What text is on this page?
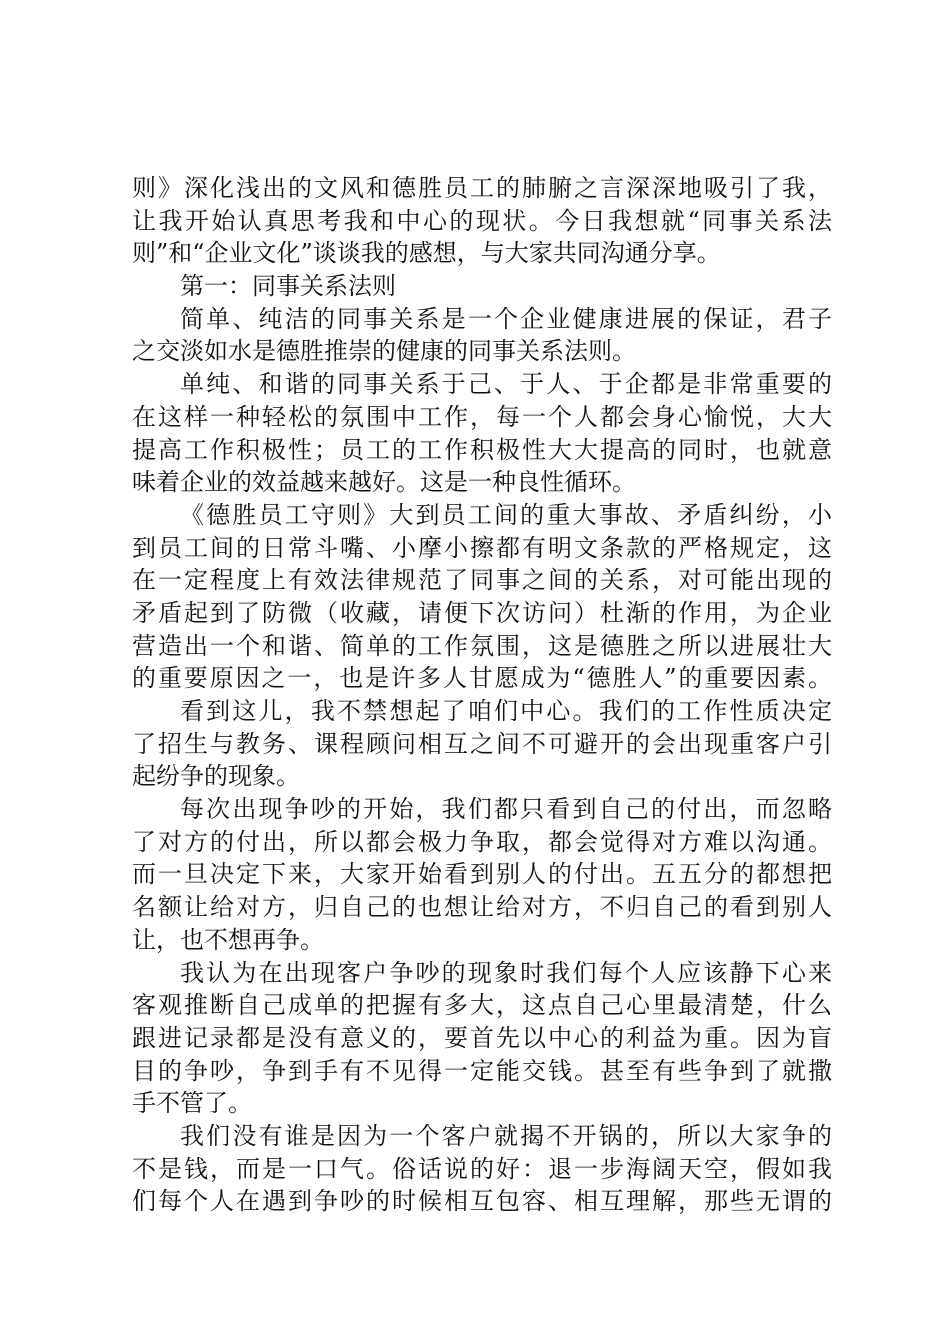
则》深化浅出的文风和德胜员工的肺腑之言深深地吸引了我，
让我开始认真思考我和中心的现状。今日我想就“同事关系法
则”和“企业文化”谈谈我的感想，与大家共同沟通分享。
第一：同事关系法则
简单、纯洁的同事关系是一个企业健康进展的保证，君子
之交淡如水是德胜推崇的健康的同事关系法则。
单纯、和谐的同事关系于己、于人、于企都是非常重要的
在这样一种轻松的氛围中工作，每一个人都会身心愉悦，大大
提高工作积极性；员工的工作积极性大大提高的同时，也就意
味着企业的效益越来越好。这是一种良性循环。
《德胜员工守则》大到员工间的重大事故、矛盾纠纷，小
到员工间的日常斗嘴、小摩小擦都有明文条款的严格规定，这
在一定程度上有效法律规范了同事之间的关系，对可能出现的
矛盾起到了防微（收藏，请便下次访问）杜渐的作用，为企业
营造出一个和谐、简单的工作氛围，这是德胜之所以进展壮大
的重要原因之一，也是许多人甘愿成为“德胜人”的重要因素。
看到这儿，我不禁想起了咱们中心。我们的工作性质决定
了招生与教务、课程顾问相互之间不可避开的会出现重客户引
起纷争的现象。
每次出现争吵的开始，我们都只看到自己的付出，而忽略
了对方的付出，所以都会极力争取，都会觉得对方难以沟通。
而一旦决定下来，大家开始看到别人的付出。五五分的都想把
名额让给对方，归自己的也想让给对方，不归自己的看到别人
让，也不想再争。
我认为在出现客户争吵的现象时我们每个人应该静下心来
客观推断自己成单的把握有多大，这点自己心里最清楚，什么
跟进记录都是没有意义的，要首先以中心的利益为重。因为盲
目的争吵，争到手有不见得一定能交钱。甚至有些争到了就撒
手不管了。
我们没有谁是因为一个客户就揭不开锅的，所以大家争的
不是钱，而是一口气。俗话说的好：退一步海阔天空，假如我
们每个人在遇到争吵的时候相互包容、相互理解，那些无谓的
